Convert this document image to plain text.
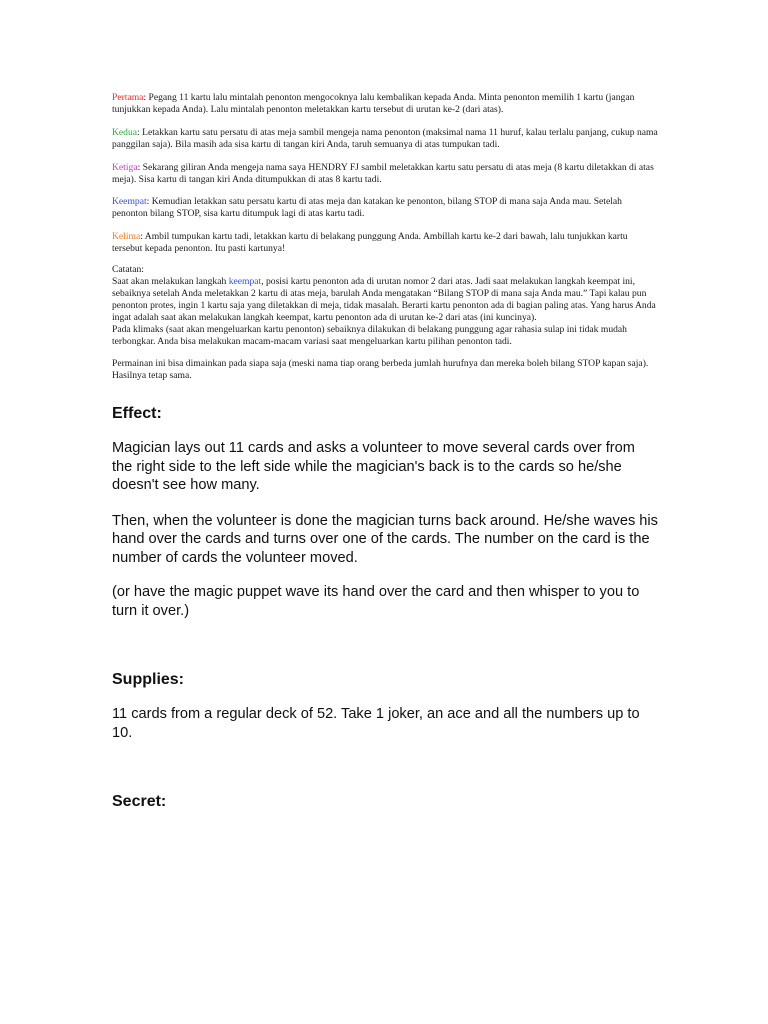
Pertama: Pegang 11 kartu lalu mintalah penonton mengocoknya lalu kembalikan kepada Anda. Minta penonton memilih 1 kartu (jangan tunjukkan kepada Anda). Lalu mintalah penonton meletakkan kartu tersebut di urutan ke-2 (dari atas).

Kedua: Letakkan kartu satu persatu di atas meja sambil mengeja nama penonton (maksimal nama 11 huruf, kalau terlalu panjang, cukup nama panggilan saja). Bila masih ada sisa kartu di tangan kiri Anda, taruh semuanya di atas tumpukan tadi.

Ketiga: Sekarang giliran Anda mengeja nama saya HENDRY FJ sambil meletakkan kartu satu persatu di atas meja (8 kartu diletakkan di atas meja). Sisa kartu di tangan kiri Anda ditumpukkan di atas 8 kartu tadi.

Keempat: Kemudian letakkan satu persatu kartu di atas meja dan katakan ke penonton, bilang STOP di mana saja Anda mau. Setelah penonton bilang STOP, sisa kartu ditumpuk lagi di atas kartu tadi.

Kelima: Ambil tumpukan kartu tadi, letakkan kartu di belakang punggung Anda. Ambillah kartu ke-2 dari bawah, lalu tunjukkan kartu tersebut kepada penonton. Itu pasti kartunya!

Catatan:
Saat akan melakukan langkah keempat, posisi kartu penonton ada di urutan nomor 2 dari atas. Jadi saat melakukan langkah keempat ini, sebaiknya setelah Anda meletakkan 2 kartu di atas meja, barulah Anda mengatakan “Bilang STOP di mana saja Anda mau.” Tapi kalau pun penonton protes, ingin 1 kartu saja yang diletakkan di meja, tidak masalah. Berarti kartu penonton ada di bagian paling atas. Yang harus Anda ingat adalah saat akan melakukan langkah keempat, kartu penonton ada di urutan ke-2 dari atas (ini kuncinya).
Pada klimaks (saat akan mengeluarkan kartu penonton) sebaiknya dilakukan di belakang punggung agar rahasia sulap ini tidak mudah terbongkar. Anda bisa melakukan macam-macam variasi saat mengeluarkan kartu pilihan penonton tadi.

Permainan ini bisa dimainkan pada siapa saja (meski nama tiap orang berbeda jumlah hurufnya dan mereka boleh bilang STOP kapan saja). Hasilnya tetap sama.

Effect:

Magician lays out 11 cards and asks a volunteer to move several cards over from the right side to the left side while the magician's back is to the cards so he/she doesn't see how many.

Then, when the volunteer is done the magician turns back around. He/she waves his hand over the cards and turns over one of the cards. The number on the card is the number of cards the volunteer moved.

(or have the magic puppet wave its hand over the card and then whisper to you to turn it over.)

Supplies:

11 cards from a regular deck of 52. Take 1 joker, an ace and all the numbers up to 10.

Secret:
